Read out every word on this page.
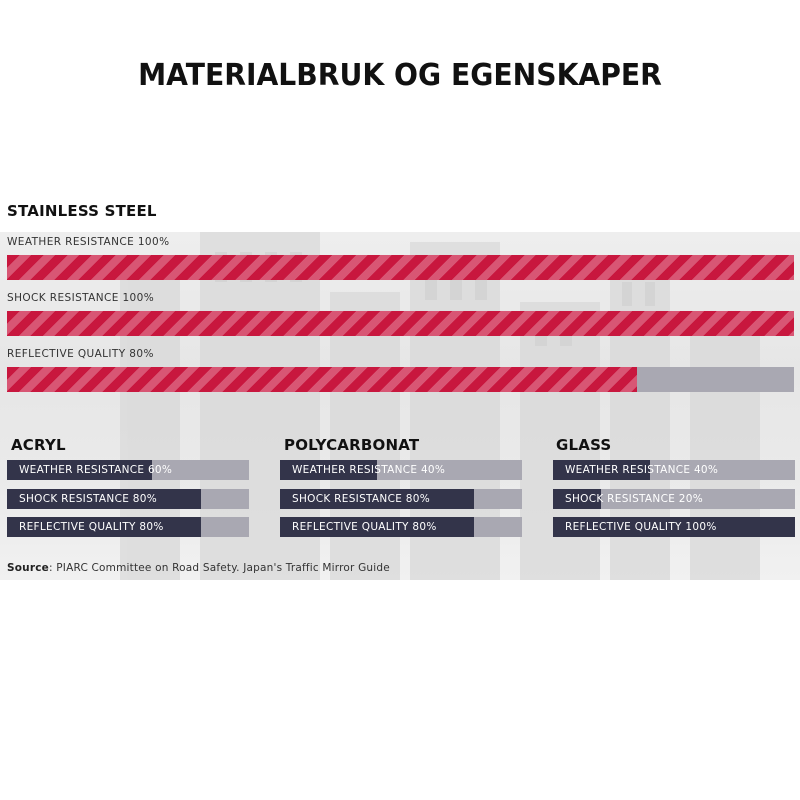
MATERIALBRUK OG EGENSKAPER
STAINLESS STEEL
WEATHER RESISTANCE 100%
SHOCK RESISTANCE 100%
REFLECTIVE QUALITY 80%
ACRYL
WEATHER RESISTANCE 60%
SHOCK RESISTANCE 80%
REFLECTIVE QUALITY 80%
POLYCARBONAT
WEATHER RESISTANCE 40%
SHOCK RESISTANCE 80%
REFLECTIVE QUALITY 80%
GLASS
WEATHER RESISTANCE 40%
SHOCK RESISTANCE 20%
REFLECTIVE QUALITY 100%
Source: PIARC Committee on Road Safety. Japan's Traffic Mirror Guide
